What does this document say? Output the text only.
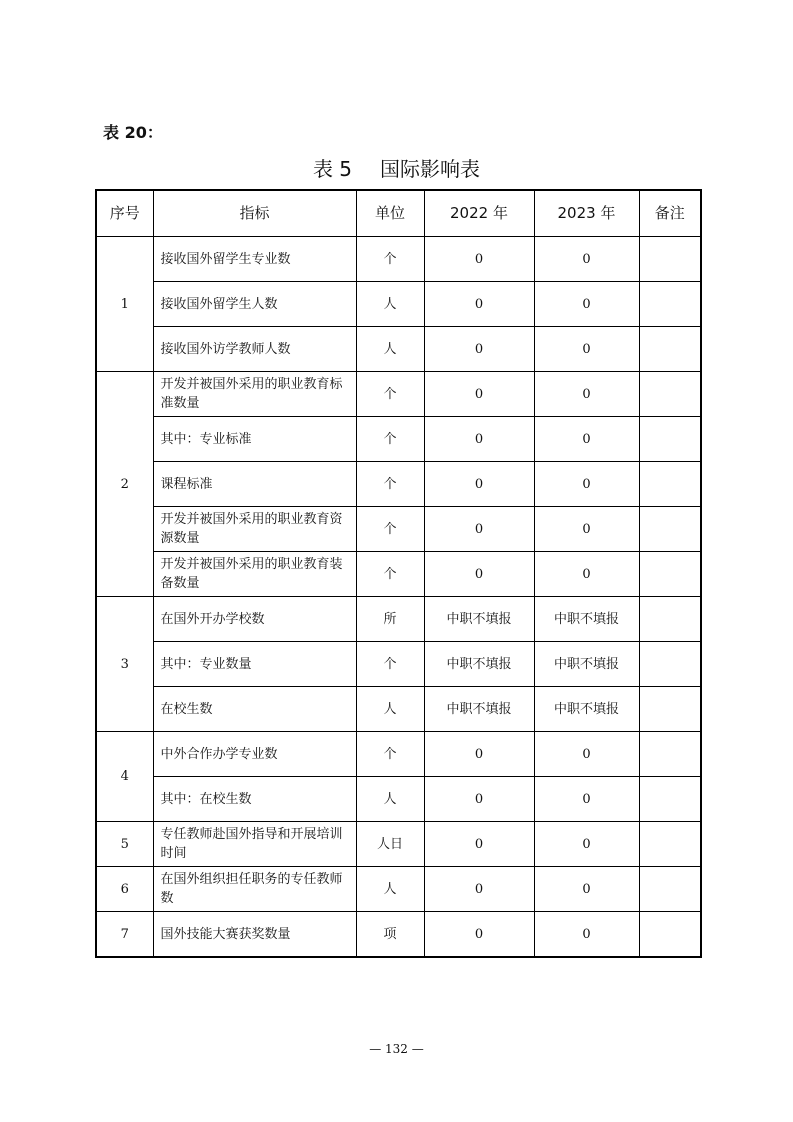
表 20：
表 5 国际影响表
序号	指标	单位	2022 年	2023 年	备注
1	接收国外留学生专业数	个	0	0	
	接收国外留学生人数	人	0	0	
	接收国外访学教师人数	人	0	0	
2	开发并被国外采用的职业教育标准数量	个	0	0	
	其中：专业标准	个	0	0	
	课程标准	个	0	0	
	开发并被国外采用的职业教育资源数量	个	0	0	
	开发并被国外采用的职业教育装备数量	个	0	0	
3	在国外开办学校数	所	中职不填报	中职不填报	
	其中：专业数量	个	中职不填报	中职不填报	
	在校生数	人	中职不填报	中职不填报	
4	中外合作办学专业数	个	0	0	
	其中：在校生数	人	0	0	
5	专任教师赴国外指导和开展培训时间	人日	0	0	
6	在国外组织担任职务的专任教师数	人	0	0	
7	国外技能大赛获奖数量	项	0	0	
— 132 —
